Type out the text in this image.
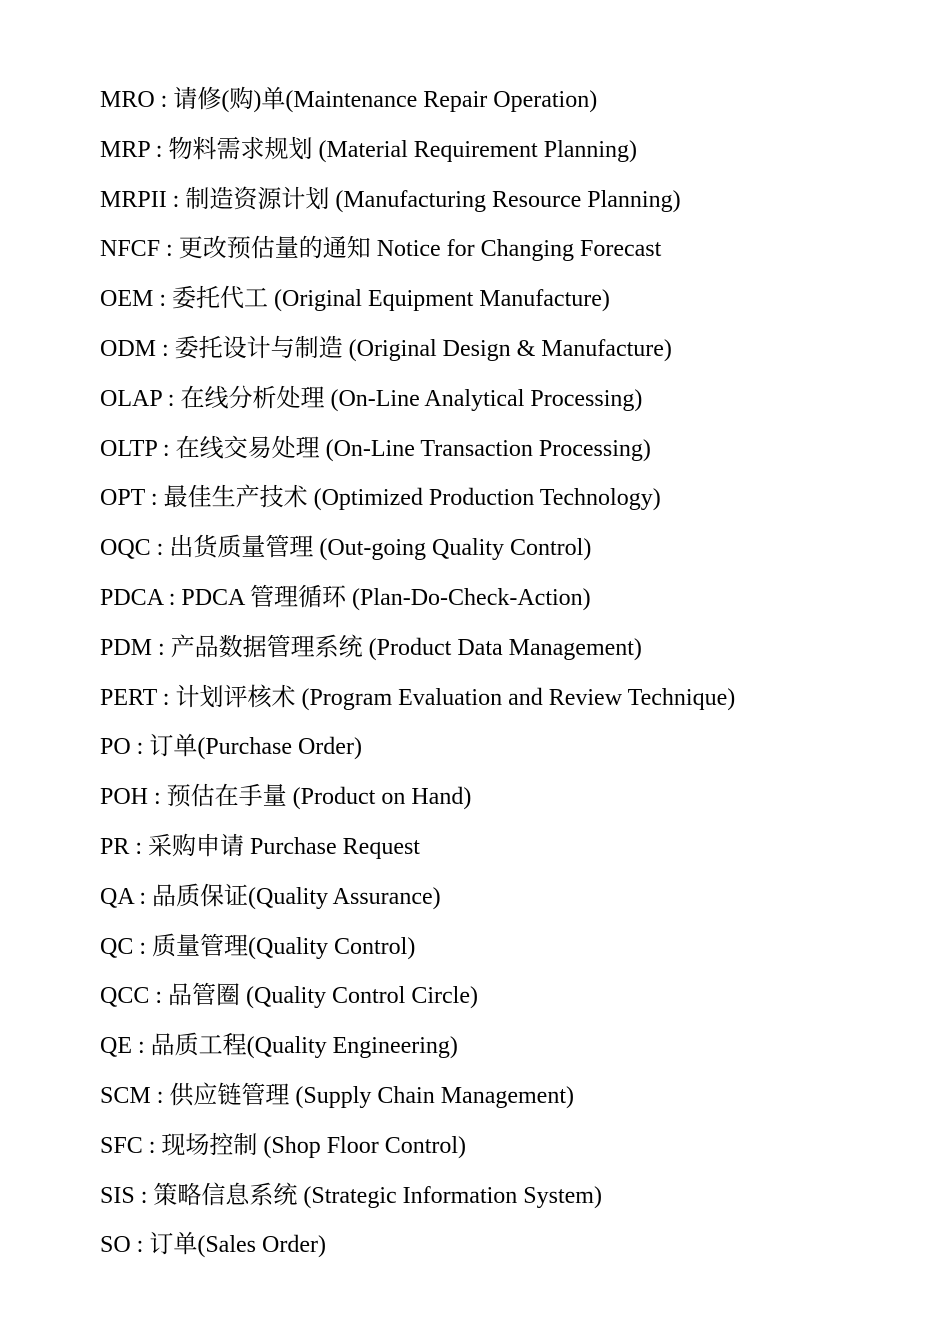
MRO : 请修(购)单(Maintenance Repair Operation)
MRP : 物料需求规划 (Material Requirement Planning)
MRPII : 制造资源计划 (Manufacturing Resource Planning)
NFCF : 更改预估量的通知 Notice for Changing Forecast
OEM : 委托代工 (Original Equipment Manufacture)
ODM : 委托设计与制造 (Original Design & Manufacture)
OLAP : 在线分析处理 (On-Line Analytical Processing)
OLTP : 在线交易处理 (On-Line Transaction Processing)
OPT : 最佳生产技术 (Optimized Production Technology)
OQC : 出货质量管理 (Out-going Quality Control)
PDCA : PDCA 管理循环 (Plan-Do-Check-Action)
PDM : 产品数据管理系统 (Product Data Management)
PERT : 计划评核术 (Program Evaluation and Review Technique)
PO : 订单(Purchase Order)
POH : 预估在手量 (Product on Hand)
PR : 采购申请 Purchase Request
QA : 品质保证(Quality Assurance)
QC : 质量管理(Quality Control)
QCC : 品管圈 (Quality Control Circle)
QE : 品质工程(Quality Engineering)
SCM : 供应链管理 (Supply Chain Management)
SFC : 现场控制 (Shop Floor Control)
SIS : 策略信息系统 (Strategic Information System)
SO : 订单(Sales Order)
